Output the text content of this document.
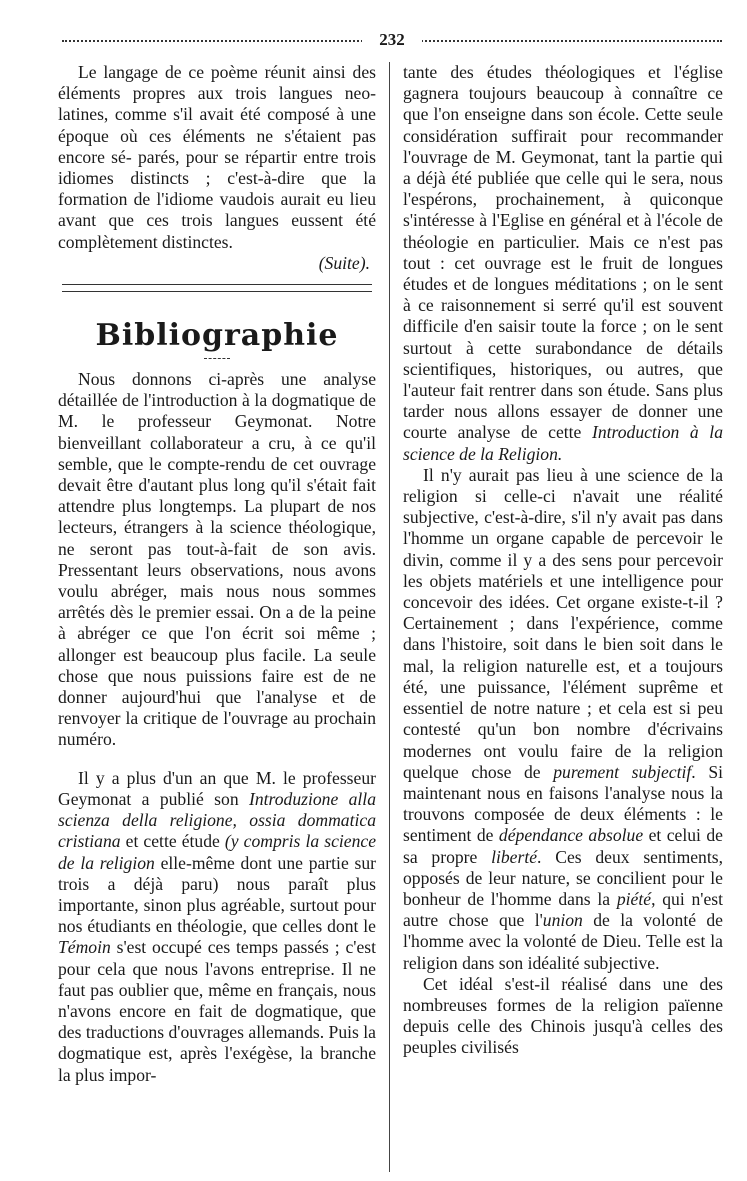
232

Le langage de ce poème réunit ainsi des éléments propres aux trois langues neo-latines, comme s'il avait été composé à une époque où ces éléments ne s'étaient pas encore sé- parés, pour se répartir entre trois idiomes distincts ; c'est-à-dire que la formation de l'idiome vaudois aurait eu lieu avant que ces trois langues eussent été complètement distinctes.

(Suite).

Bibliographie

Nous donnons ci-après une analyse détaillée de l'introduction à la dogmatique de M. le professeur Geymonat. Notre bienveillant collaborateur a cru, à ce qu'il semble, que le compte-rendu de cet ouvrage devait être d'autant plus long qu'il s'était fait attendre plus longtemps. La plupart de nos lecteurs, étrangers à la science théologique, ne seront pas tout-à-fait de son avis. Pressentant leurs observations, nous avons voulu abréger, mais nous nous sommes arrêtés dès le premier essai. On a de la peine à abréger ce que l'on écrit soi même ; allonger est beaucoup plus facile. La seule chose que nous puissions faire est de ne donner aujourd'hui que l'analyse et de renvoyer la critique de l'ouvrage au prochain numéro.

Il y a plus d'un an que M. le professeur Geymonat a publié son Introduzione alla scienza della religione, ossia dommatica cristiana et cette étude (y compris la science de la religion elle-même dont une partie sur trois a déjà paru) nous paraît plus importante, sinon plus agréable, surtout pour nos étudiants en théologie, que celles dont le Témoin s'est occupé ces temps passés ; c'est pour cela que nous l'avons entreprise. Il ne faut pas oublier que, même en français, nous n'avons encore en fait de dogmatique, que des traductions d'ouvrages allemands. Puis la dogmatique est, après l'exégèse, la branche la plus impor-

tante des études théologiques et l'église gagnera toujours beaucoup à connaître ce que l'on enseigne dans son école. Cette seule considération suffirait pour recommander l'ouvrage de M. Geymonat, tant la partie qui a déjà été publiée que celle qui le sera, nous l'espérons, prochainement, à quiconque s'intéresse à l'Eglise en général et à l'école de théologie en particulier. Mais ce n'est pas tout : cet ouvrage est le fruit de longues études et de longues méditations ; on le sent à ce raisonnement si serré qu'il est souvent difficile d'en saisir toute la force ; on le sent surtout à cette surabondance de détails scientifiques, historiques, ou autres, que l'auteur fait rentrer dans son étude. Sans plus tarder nous allons essayer de donner une courte analyse de cette Introduction à la science de la Religion.

Il n'y aurait pas lieu à une science de la religion si celle-ci n'avait une réalité subjective, c'est-à-dire, s'il n'y avait pas dans l'homme un organe capable de percevoir le divin, comme il y a des sens pour percevoir les objets matériels et une intelligence pour concevoir des idées. Cet organe existe-t-il ? Certainement ; dans l'expérience, comme dans l'histoire, soit dans le bien soit dans le mal, la religion naturelle est, et a toujours été, une puissance, l'élément suprême et essentiel de notre nature ; et cela est si peu contesté qu'un bon nombre d'écrivains modernes ont voulu faire de la religion quelque chose de purement subjectif. Si maintenant nous en faisons l'analyse nous la trouvons composée de deux éléments : le sentiment de dépendance absolue et celui de sa propre liberté. Ces deux sentiments, opposés de leur nature, se concilient pour le bonheur de l'homme dans la piété, qui n'est autre chose que l'union de la volonté de l'homme avec la volonté de Dieu. Telle est la religion dans son idéalité subjective.

Cet idéal s'est-il réalisé dans une des nombreuses formes de la religion païenne depuis celle des Chinois jusqu'à celles des peuples civilisés
